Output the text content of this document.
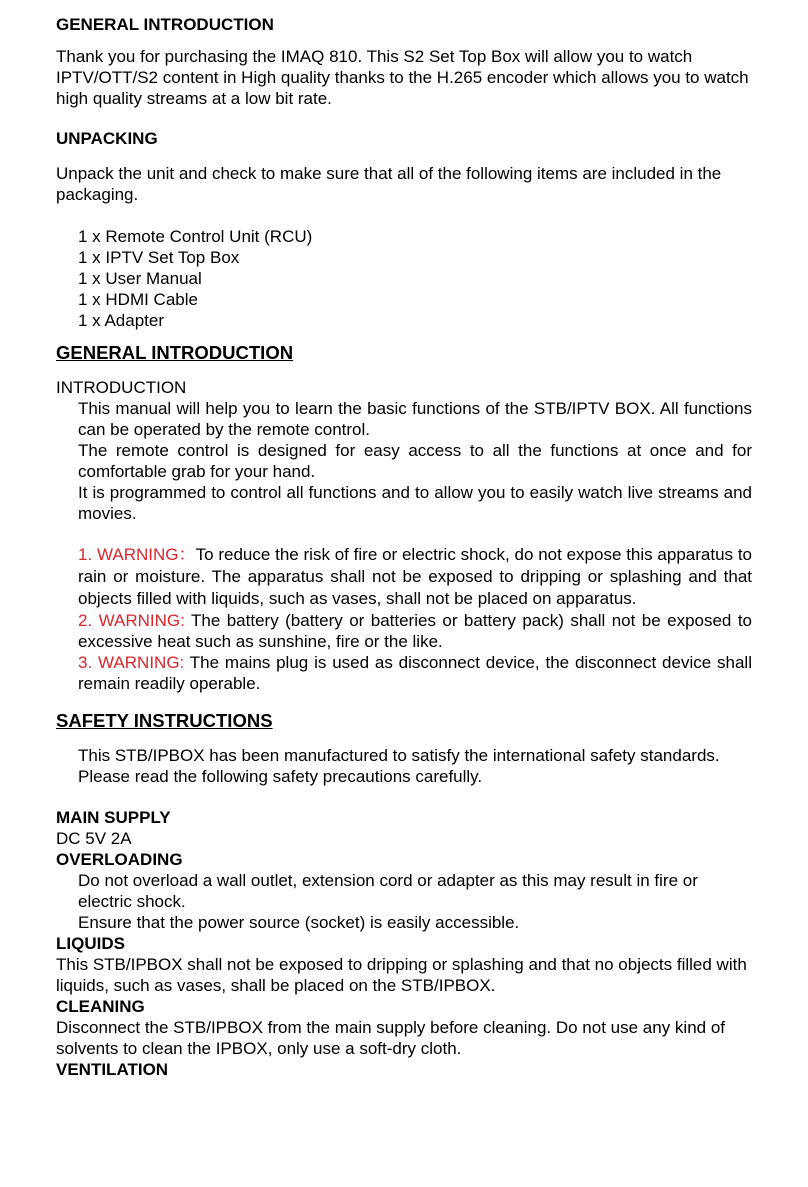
GENERAL INTRODUCTION

Thank you for purchasing the IMAQ 810. This S2 Set Top Box will allow you to watch IPTV/OTT/S2 content in High quality thanks to the H.265 encoder which allows you to watch high quality streams at a low bit rate.

UNPACKING

Unpack the unit and check to make sure that all of the following items are included in the packaging.

1 x Remote Control Unit (RCU)

1 x IPTV Set Top Box

1 x User Manual

1 x HDMI Cable

1 x Adapter

GENERAL INTRODUCTION
INTRODUCTION

This manual will help you to learn the basic functions of the STB/IPTV BOX. All functions can be operated by the remote control.

The remote control is designed for easy access to all the functions at once and for comfortable grab for your hand.

It is programmed to control all functions and to allow you to easily watch live streams and movies.

1. WARNING：To reduce the risk of fire or electric shock, do not expose this apparatus to rain or moisture. The apparatus shall not be exposed to dripping or splashing and that objects filled with liquids, such as vases, shall not be placed on apparatus.

2. WARNING: The battery (battery or batteries or battery pack) shall not be exposed to excessive heat such as sunshine, fire or the like.

3. WARNING: The mains plug is used as disconnect device, the disconnect device shall remain readily operable.

SAFETY INSTRUCTIONS

This STB/IPBOX has been manufactured to satisfy the international safety standards.

Please read the following safety precautions carefully.

MAIN SUPPLY

DC 5V 2A

OVERLOADING

Do not overload a wall outlet, extension cord or adapter as this may result in fire or electric shock.

Ensure that the power source (socket) is easily accessible.

LIQUIDS

This STB/IPBOX shall not be exposed to dripping or splashing and that no objects filled with liquids, such as vases, shall be placed on the STB/IPBOX.

CLEANING

Disconnect the STB/IPBOX from the main supply before cleaning. Do not use any kind of solvents to clean the IPBOX, only use a soft-dry cloth.

VENTILATION
